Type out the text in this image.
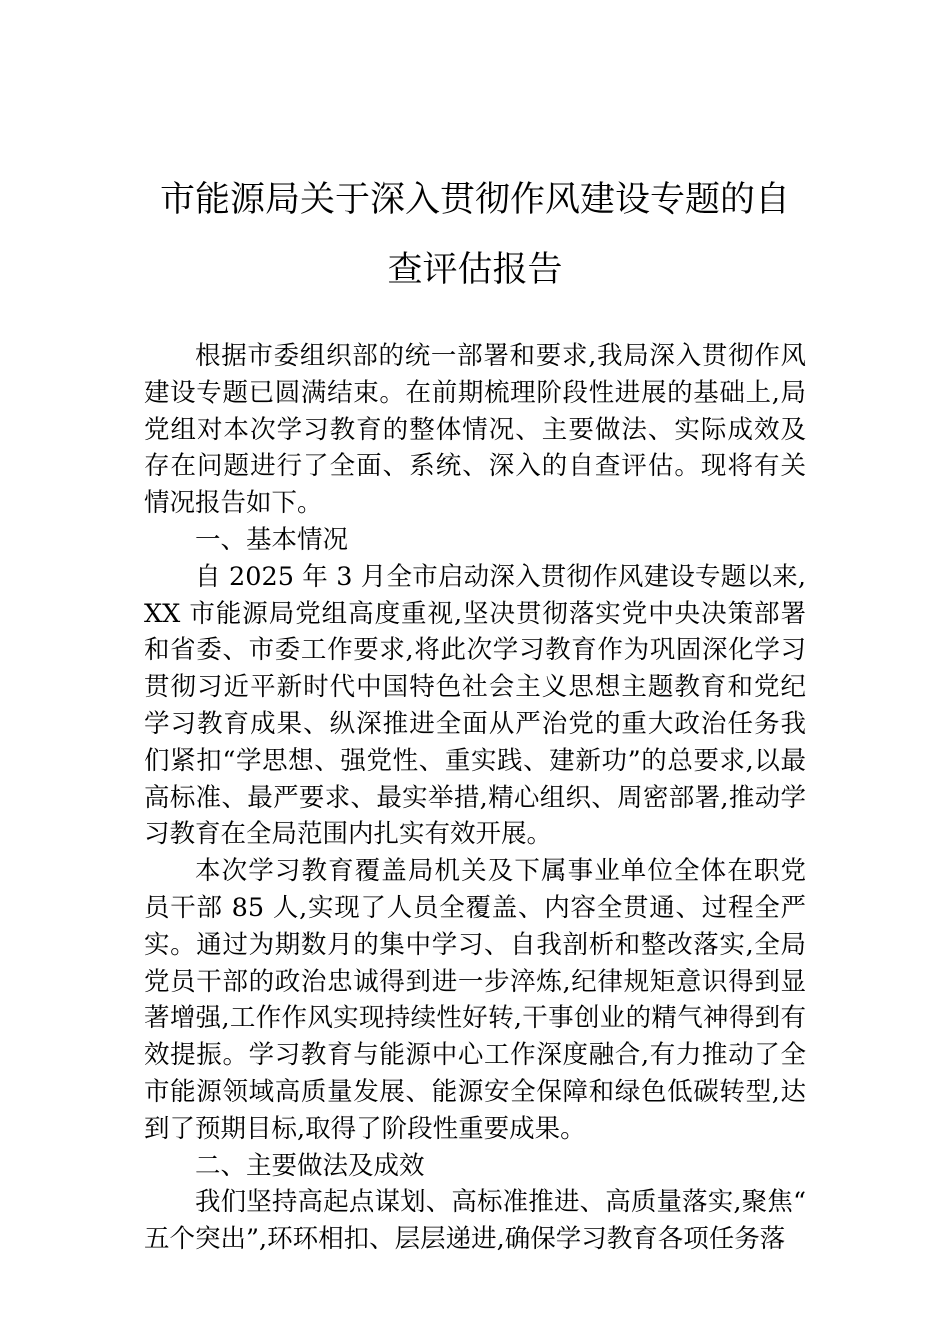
市能源局关于深入贯彻作风建设专题的自
查评估报告

根据市委组织部的统一部署和要求,我局深入贯彻作风建设专题已圆满结束。在前期梳理阶段性进展的基础上,局党组对本次学习教育的整体情况、主要做法、实际成效及存在问题进行了全面、系统、深入的自查评估。现将有关情况报告如下。

一、基本情况

自 2025 年 3 月全市启动深入贯彻作风建设专题以来,XX 市能源局党组高度重视,坚决贯彻落实党中央决策部署和省委、市委工作要求,将此次学习教育作为巩固深化学习贯彻习近平新时代中国特色社会主义思想主题教育和党纪学习教育成果、纵深推进全面从严治党的重大政治任务我们紧扣“学思想、强党性、重实践、建新功”的总要求,以最高标准、最严要求、最实举措,精心组织、周密部署,推动学习教育在全局范围内扎实有效开展。

本次学习教育覆盖局机关及下属事业单位全体在职党员干部 85 人,实现了人员全覆盖、内容全贯通、过程全严实。通过为期数月的集中学习、自我剖析和整改落实,全局党员干部的政治忠诚得到进一步淬炼,纪律规矩意识得到显著增强,工作作风实现持续性好转,干事创业的精气神得到有效提振。学习教育与能源中心工作深度融合,有力推动了全市能源领域高质量发展、能源安全保障和绿色低碳转型,达到了预期目标,取得了阶段性重要成果。

二、主要做法及成效

我们坚持高起点谋划、高标准推进、高质量落实,聚焦“五个突出”,环环相扣、层层递进,确保学习教育各项任务落
